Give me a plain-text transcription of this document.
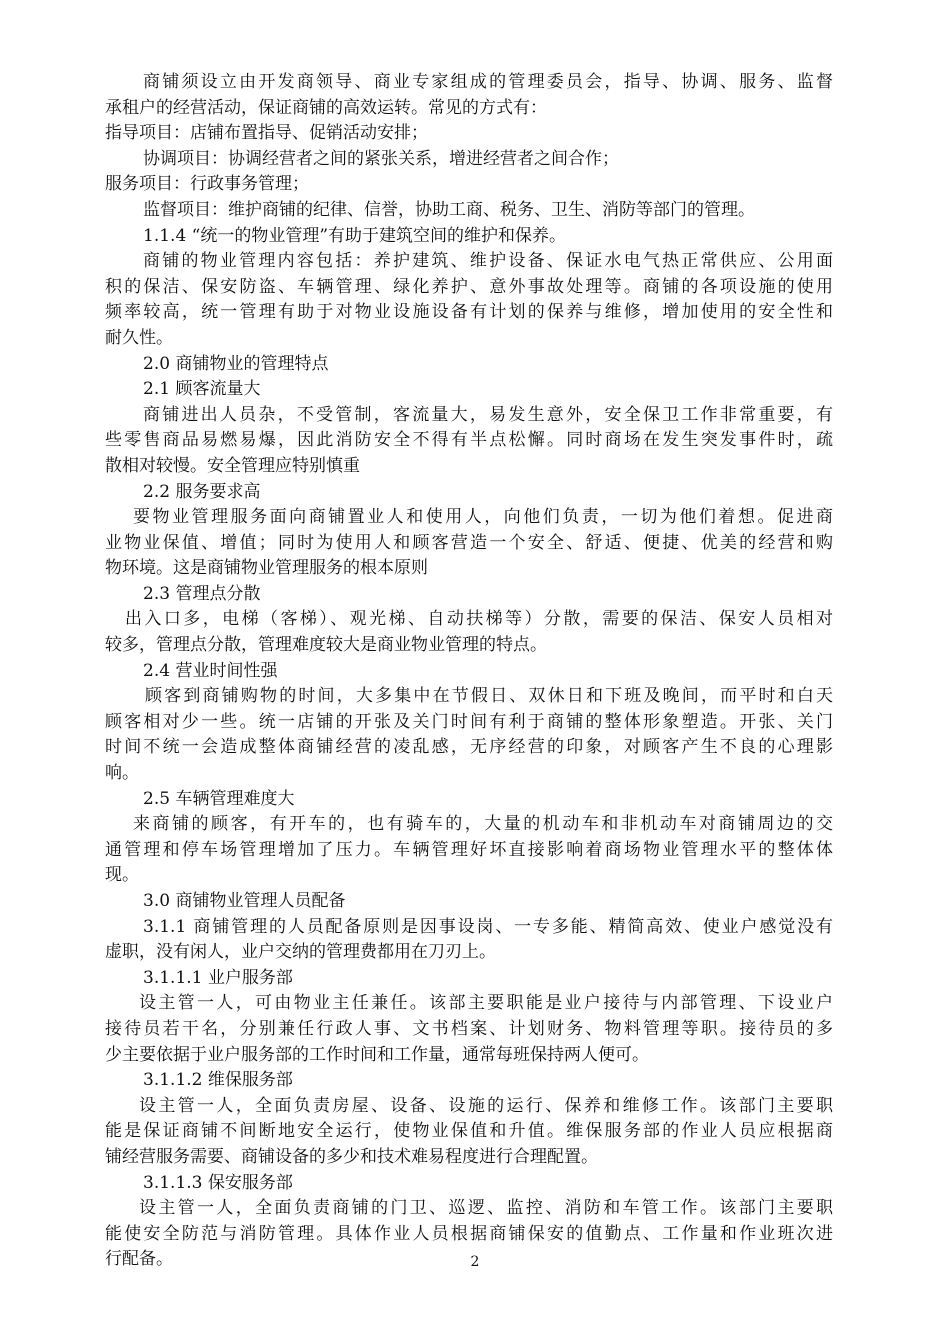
商铺须设立由开发商领导、商业专家组成的管理委员会，指导、协调、服务、监督
承租户的经营活动，保证商铺的高效运转。常见的方式有：
指导项目：店铺布置指导、促销活动安排；
协调项目：协调经营者之间的紧张关系，增进经营者之间合作；
服务项目：行政事务管理；
监督项目：维护商铺的纪律、信誉，协助工商、税务、卫生、消防等部门的管理。
1.1.4 “统一的物业管理”有助于建筑空间的维护和保养。
商铺的物业管理内容包括：养护建筑、维护设备、保证水电气热正常供应、公用面
积的保洁、保安防盗、车辆管理、绿化养护、意外事故处理等。商铺的各项设施的使用
频率较高，统一管理有助于对物业设施设备有计划的保养与维修，增加使用的安全性和
耐久性。
2.0 商铺物业的管理特点
2.1 顾客流量大
商铺进出人员杂，不受管制，客流量大，易发生意外，安全保卫工作非常重要，有
些零售商品易燃易爆，因此消防安全不得有半点松懈。同时商场在发生突发事件时，疏
散相对较慢。安全管理应特别慎重
2.2 服务要求高
要物业管理服务面向商铺置业人和使用人，向他们负责，一切为他们着想。促进商
业物业保值、增值；同时为使用人和顾客营造一个安全、舒适、便捷、优美的经营和购
物环境。这是商铺物业管理服务的根本原则
2.3 管理点分散
出入口多，电梯（客梯）、观光梯、自动扶梯等）分散，需要的保洁、保安人员相对
较多，管理点分散，管理难度较大是商业物业管理的特点。
2.4 营业时间性强
顾客到商铺购物的时间，大多集中在节假日、双休日和下班及晚间，而平时和白天
顾客相对少一些。统一店铺的开张及关门时间有利于商铺的整体形象塑造。开张、关门
时间不统一会造成整体商铺经营的凌乱感，无序经营的印象，对顾客产生不良的心理影
响。
2.5 车辆管理难度大
来商铺的顾客，有开车的，也有骑车的，大量的机动车和非机动车对商铺周边的交
通管理和停车场管理增加了压力。车辆管理好坏直接影响着商场物业管理水平的整体体
现。
3.0 商铺物业管理人员配备
3.1.1 商铺管理的人员配备原则是因事设岗、一专多能、精简高效、使业户感觉没有
虚职，没有闲人，业户交纳的管理费都用在刀刃上。
3.1.1.1 业户服务部
设主管一人，可由物业主任兼任。该部主要职能是业户接待与内部管理、下设业户
接待员若干名，分别兼任行政人事、文书档案、计划财务、物料管理等职。接待员的多
少主要依据于业户服务部的工作时间和工作量，通常每班保持两人便可。
3.1.1.2 维保服务部
设主管一人，全面负责房屋、设备、设施的运行、保养和维修工作。该部门主要职
能是保证商铺不间断地安全运行，使物业保值和升值。维保服务部的作业人员应根据商
铺经营服务需要、商铺设备的多少和技术难易程度进行合理配置。
3.1.1.3 保安服务部
设主管一人，全面负责商铺的门卫、巡逻、监控、消防和车管工作。该部门主要职
能使安全防范与消防管理。具体作业人员根据商铺保安的值勤点、工作量和作业班次进
行配备。	2
